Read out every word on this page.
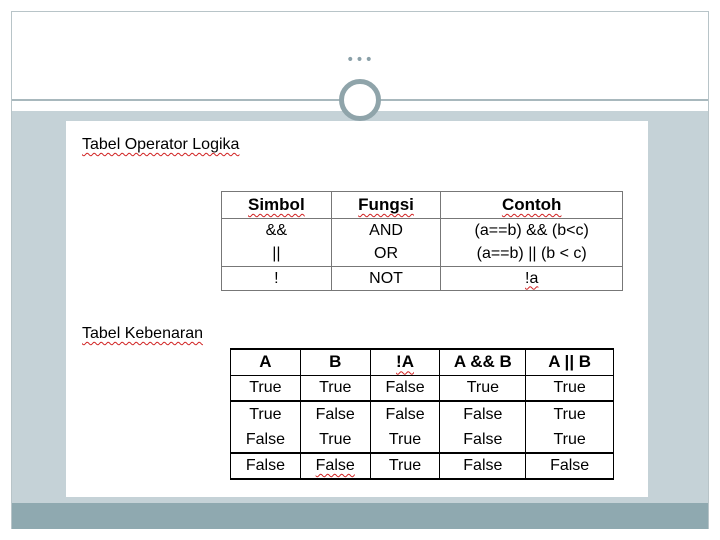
•••
Tabel Operator Logika
Simbol	Fungsi	Contoh
&&	AND	(a==b) && (b<c)
||	OR	(a==b) || (b < c)
!	NOT	!a
Tabel Kebenaran
A	B	!A	A && B	A || B
True	True	False	True	True
True	False	False	False	True
False	True	True	False	True
False	False	True	False	False
